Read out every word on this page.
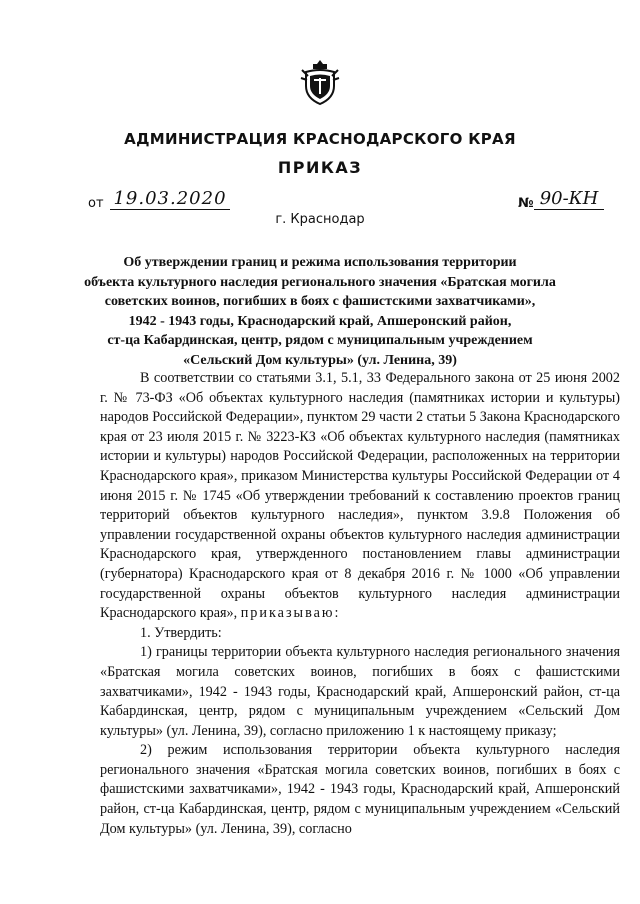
АДМИНИСТРАЦИЯ КРАСНОДАРСКОГО КРАЯ
ПРИКАЗ
от 19.03.2020	№ 90-КН
г. Краснодар
Об утверждении границ и режима использования территории
объекта культурного наследия регионального значения «Братская могила
советских воинов, погибших в боях с фашистскими захватчиками»,
1942 - 1943 годы, Краснодарский край, Апшеронский район,
ст-ца Кабардинская, центр, рядом с муниципальным учреждением
«Сельский Дом культуры» (ул. Ленина, 39)

В соответствии со статьями 3.1, 5.1, 33 Федерального закона от 25 июня 2002 г. № 73-ФЗ «Об объектах культурного наследия (памятниках истории и культуры) народов Российской Федерации», пунктом 29 части 2 статьи 5 Закона Краснодарского края от 23 июля 2015 г. № 3223-КЗ «Об объектах культурного наследия (памятниках истории и культуры) народов Российской Федерации, расположенных на территории Краснодарского края», приказом Министерства культуры Российской Федерации от 4 июня 2015 г. № 1745 «Об утверждении требований к составлению проектов границ территорий объектов культурного наследия», пунктом 3.9.8 Положения об управлении государственной охраны объектов культурного наследия администрации Краснодарского края, утвержденного постановлением главы администрации (губернатора) Краснодарского края от 8 декабря 2016 г. № 1000 «Об управлении государственной охраны объектов культурного наследия администрации Краснодарского края», приказываю:

1. Утвердить:

1) границы территории объекта культурного наследия регионального значения «Братская могила советских воинов, погибших в боях с фашистскими захватчиками», 1942 - 1943 годы, Краснодарский край, Апшеронский район, ст-ца Кабардинская, центр, рядом с муниципальным учреждением «Сельский Дом культуры» (ул. Ленина, 39), согласно приложению 1 к настоящему приказу;

2) режим использования территории объекта культурного наследия регионального значения «Братская могила советских воинов, погибших в боях с фашистскими захватчиками», 1942 - 1943 годы, Краснодарский край, Апшеронский район, ст-ца Кабардинская, центр, рядом с муниципальным учреждением «Сельский Дом культуры» (ул. Ленина, 39), согласно
